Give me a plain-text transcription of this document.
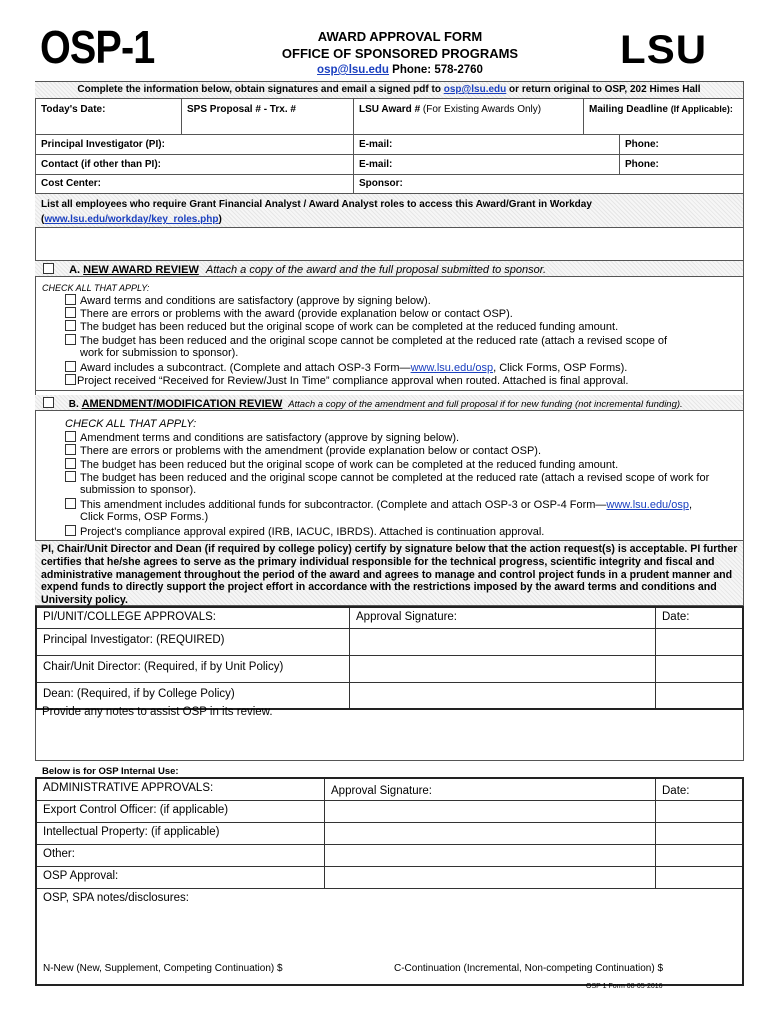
OSP-1	LSU
AWARD APPROVAL FORM
OFFICE OF SPONSORED PROGRAMS
osp@lsu.edu Phone: 578-2760
Complete the information below, obtain signatures and email a signed pdf to osp@lsu.edu or return original to OSP, 202 Himes Hall
Today's Date:	SPS Proposal # - Trx. #	LSU Award # (For Existing Awards Only)	Mailing Deadline (If Applicable):
Principal Investigator (PI):	E-mail:	Phone:
Contact (if other than PI):	E-mail:	Phone:
Cost Center:	Sponsor:
List all employees who require Grant Financial Analyst / Award Analyst roles to access this Award/Grant in Workday
(www.lsu.edu/workday/key_roles.php)
A. NEW AWARD REVIEW Attach a copy of the award and the full proposal submitted to sponsor.
CHECK ALL THAT APPLY:
Award terms and conditions are satisfactory (approve by signing below).
There are errors or problems with the award (provide explanation below or contact OSP).
The budget has been reduced but the original scope of work can be completed at the reduced funding amount.
The budget has been reduced and the original scope cannot be completed at the reduced rate (attach a revised scope of
work for submission to sponsor).
Award includes a subcontract. (Complete and attach OSP-3 Form—www.lsu.edu/osp, Click Forms, OSP Forms).
Project received “Received for Review/Just In Time” compliance approval when routed. Attached is final approval.
B. AMENDMENT/MODIFICATION REVIEW Attach a copy of the amendment and full proposal if for new funding (not incremental funding).
CHECK ALL THAT APPLY:
Amendment terms and conditions are satisfactory (approve by signing below).
There are errors or problems with the amendment (provide explanation below or contact OSP).
The budget has been reduced but the original scope of work can be completed at the reduced funding amount.
The budget has been reduced and the original scope cannot be completed at the reduced rate (attach a revised scope of work for
submission to sponsor).
This amendment includes additional funds for subcontractor. (Complete and attach OSP-3 or OSP-4 Form—www.lsu.edu/osp,
Click Forms, OSP Forms.)
Project's compliance approval expired (IRB, IACUC, IBRDS). Attached is continuation approval.
PI, Chair/Unit Director and Dean (if required by college policy) certify by signature below that the action request(s) is acceptable. PI further certifies that he/she agrees to serve as the primary individual responsible for the technical progress, scientific integrity and fiscal and administrative management throughout the period of the award and agrees to manage and control project funds in a prudent manner and expend funds to directly support the project effort in accordance with the restrictions imposed by the award terms and conditions and University policy.
PI/UNIT/COLLEGE APPROVALS:	Approval Signature:	Date:
Principal Investigator: (REQUIRED)		
Chair/Unit Director: (Required, if by Unit Policy)		
Dean: (Required, if by College Policy)		
Provide any notes to assist OSP in its review.
Below is for OSP Internal Use:
ADMINISTRATIVE APPROVALS:	Approval Signature:	Date:
Export Control Officer: (if applicable)		
Intellectual Property: (if applicable)		
Other:		
OSP Approval:		

OSP, SPA notes/disclosures:
N-New (New, Supplement, Competing Continuation) $ C-Continuation (Incremental, Non-competing Continuation) $		
OSP 1 Form 08-05-2016
